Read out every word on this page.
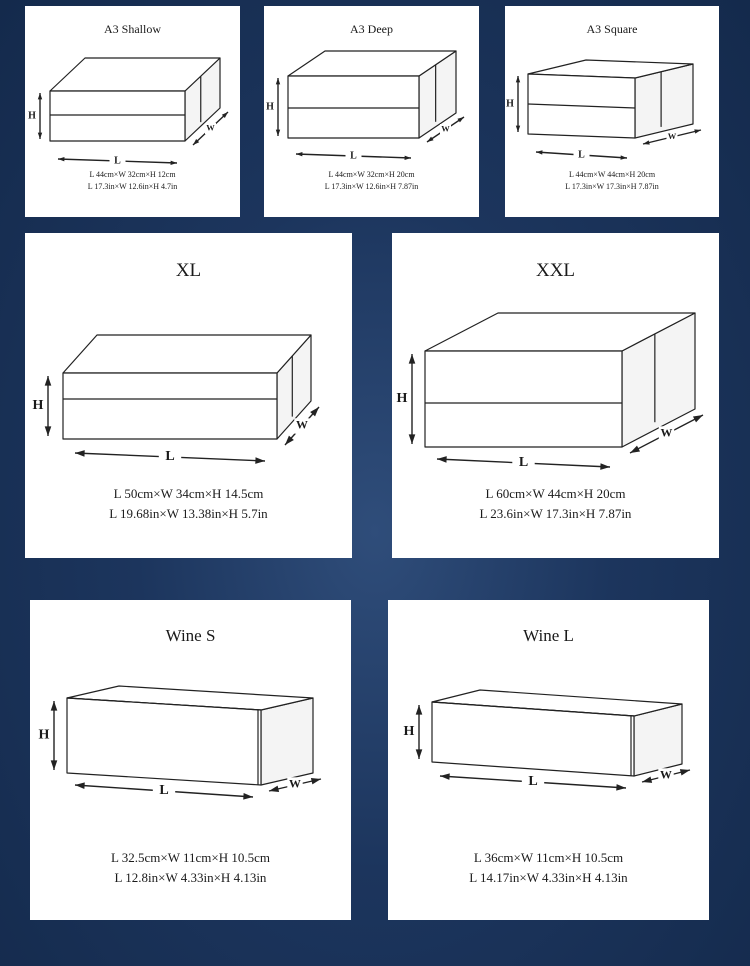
A3 Shallow
H
L
W
L 44cm×W 32cm×H 12cm
L 17.3in×W 12.6in×H 4.7in
A3 Deep
H
L
W
L 44cm×W 32cm×H 20cm
L 17.3in×W 12.6in×H 7.87in
A3 Square
H
L
W
L 44cm×W 44cm×H 20cm
L 17.3in×W 17.3in×H 7.87in
XL
H
L
W
L 50cm×W 34cm×H 14.5cm
L 19.68in×W 13.38in×H 5.7in
XXL
H
L
W
L 60cm×W 44cm×H 20cm
L 23.6in×W 17.3in×H 7.87in
Wine S
H
L	W
L 32.5cm×W 11cm×H 10.5cm
L 12.8in×W 4.33in×H 4.13in
Wine L
H
L	W
L 36cm×W 11cm×H 10.5cm
L 14.17in×W 4.33in×H 4.13in
